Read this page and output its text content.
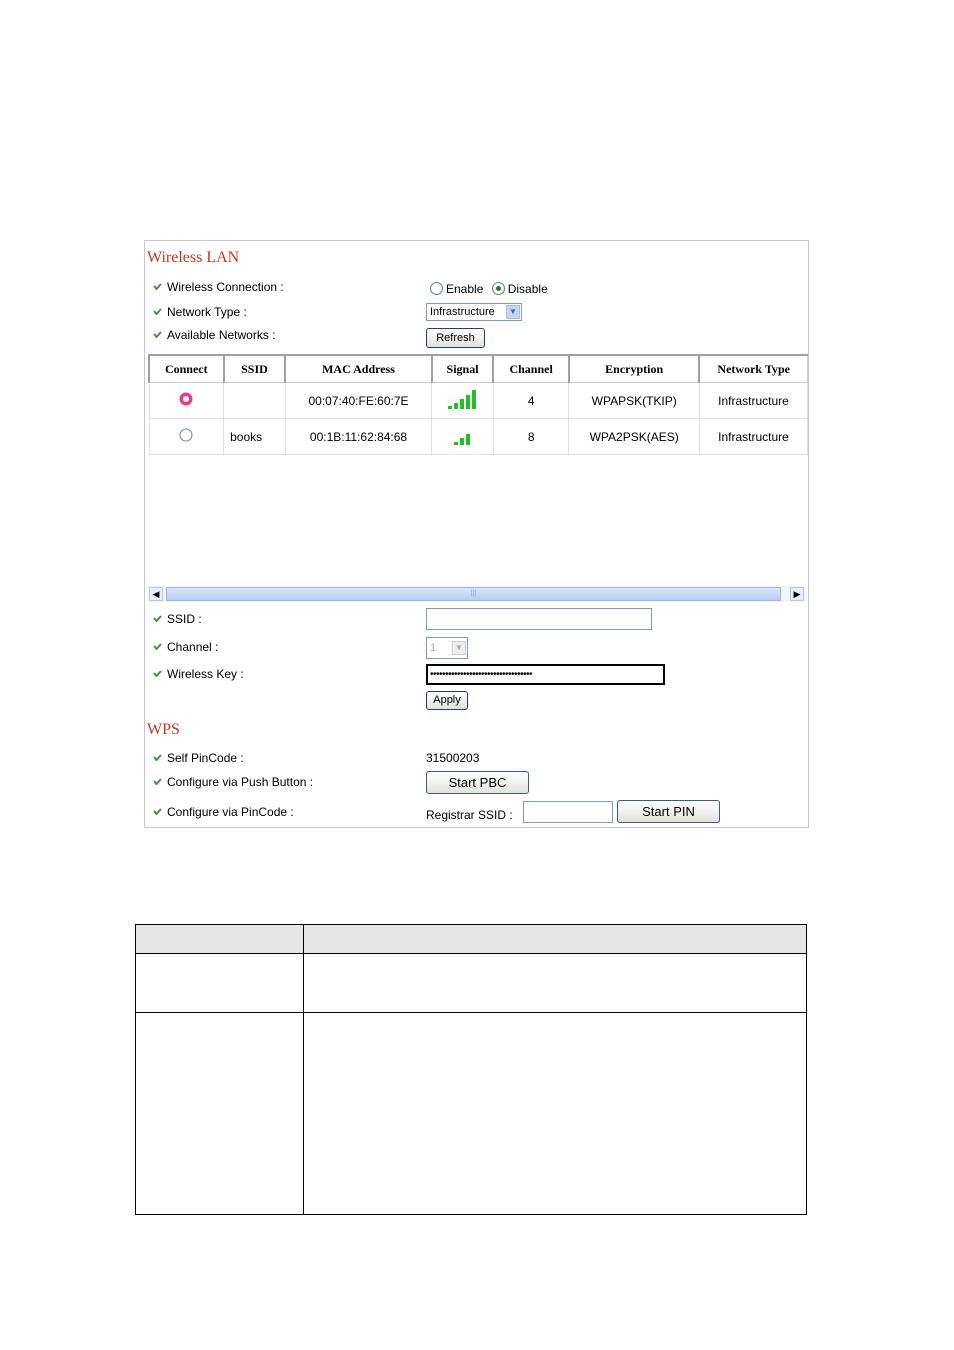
Wireless LAN
Wireless Connection :	Enable Disable
Network Type :	Infrastructure	▼
Available Networks :	Refresh
Connect	SSID	MAC Address	Signal	Channel	Encryption	Network Type
		00:07:40:FE:60:7E		4	WPAPSK(TKIP)	Infrastructure
	books	00:1B:11:62:84:68		8	WPA2PSK(AES)	Infrastructure
◀	|||	▶
SSID :
Channel :	1	▼
Wireless Key :	••••••••••••••••••••••••••••••••••
Apply
WPS
Self PinCode :	31500203
Configure via Push Button :	Start PBC
Configure via PinCode :	Registrar SSID :	Start PIN
